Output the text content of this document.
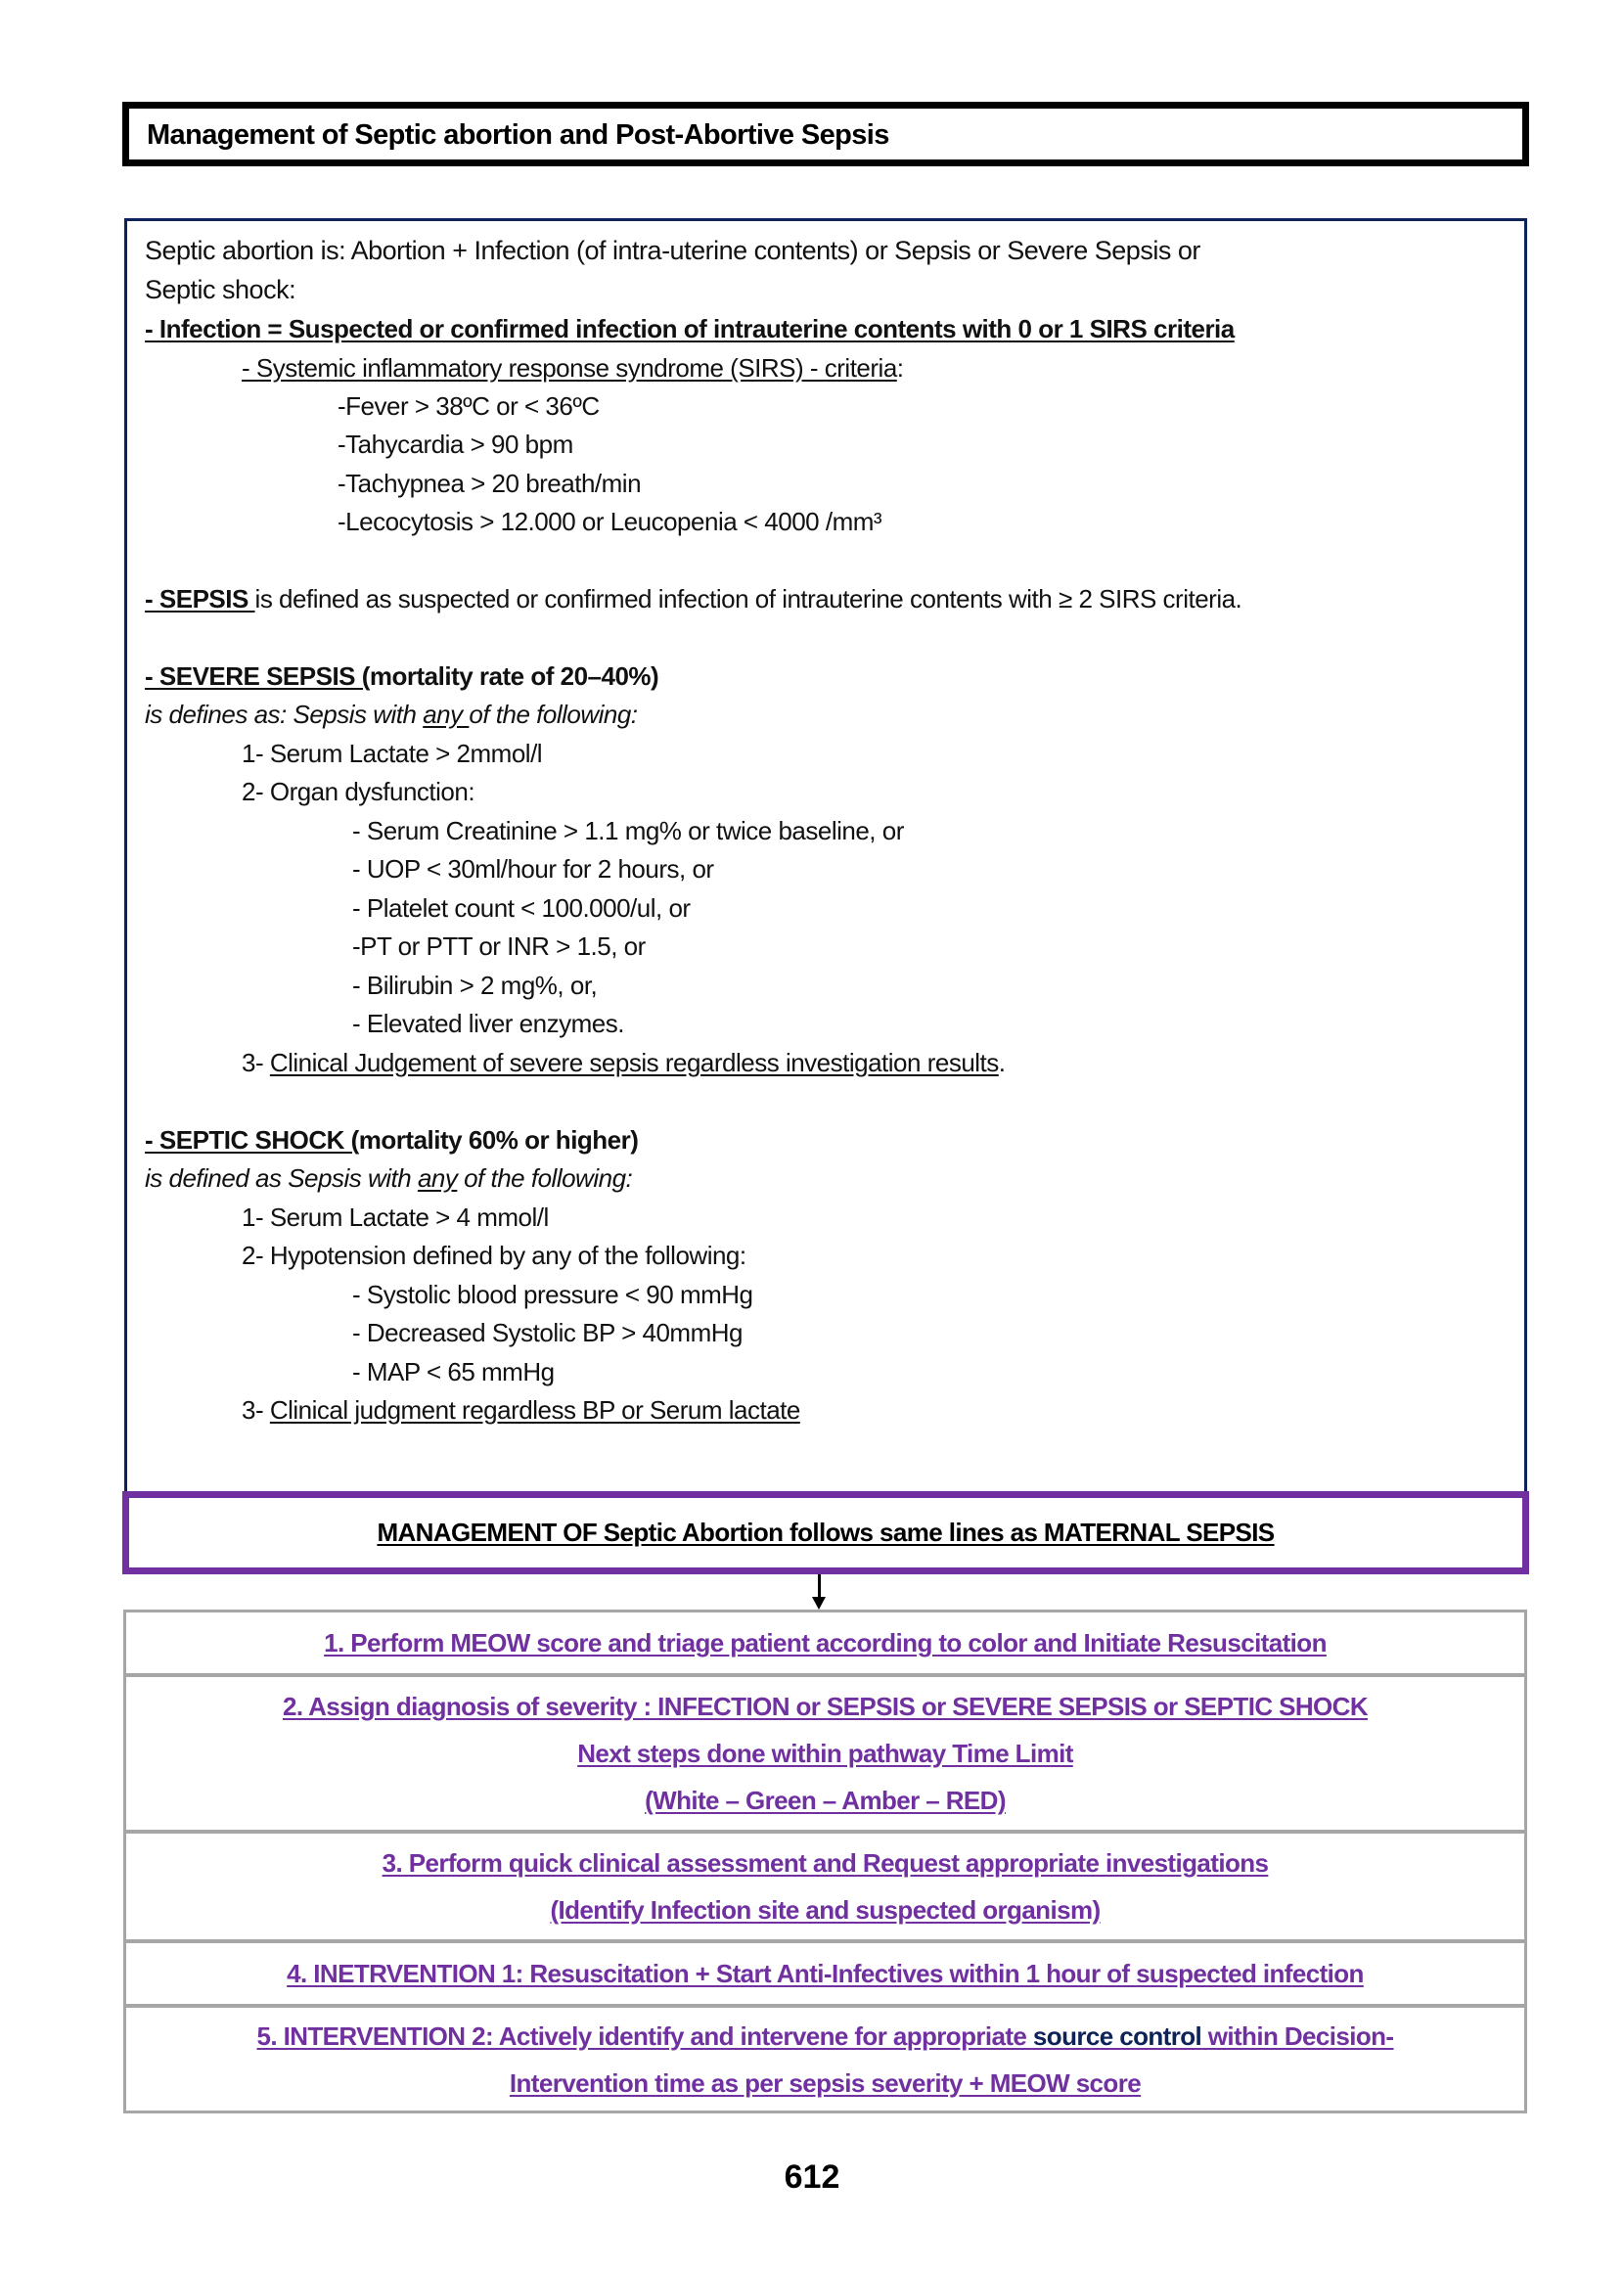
Management of Septic abortion and Post-Abortive Sepsis
Septic abortion is: Abortion + Infection (of intra-uterine contents) or Sepsis or Severe Sepsis or
Septic shock:
- Infection = Suspected or confirmed infection of intrauterine contents with 0 or 1 SIRS criteria
- Systemic inflammatory response syndrome (SIRS) - criteria:
-Fever > 38ºC or < 36ºC
-Tahycardia > 90 bpm
-Tachypnea > 20 breath/min
-Lecocytosis > 12.000 or Leucopenia < 4000 /mm³
- SEPSIS is defined as suspected or confirmed infection of intrauterine contents with ≥ 2 SIRS criteria.
- SEVERE SEPSIS (mortality rate of 20–40%)
is defines as: Sepsis with any of the following:
1- Serum Lactate > 2mmol/l
2- Organ dysfunction:
- Serum Creatinine > 1.1 mg% or twice baseline, or
- UOP < 30ml/hour for 2 hours, or
- Platelet count < 100.000/ul, or
-PT or PTT or INR > 1.5, or
- Bilirubin > 2 mg%, or,
- Elevated liver enzymes.
3- Clinical Judgement of severe sepsis regardless investigation results.
- SEPTIC SHOCK (mortality 60% or higher)
is defined as Sepsis with any of the following:
1- Serum Lactate > 4 mmol/l
2- Hypotension defined by any of the following:
- Systolic blood pressure < 90 mmHg
- Decreased Systolic BP > 40mmHg
- MAP < 65 mmHg
3- Clinical judgment regardless BP or Serum lactate
MANAGEMENT OF Septic Abortion follows same lines as MATERNAL SEPSIS
1. Perform MEOW score and triage patient according to color and Initiate Resuscitation
2. Assign diagnosis of severity : INFECTION or SEPSIS or SEVERE SEPSIS or SEPTIC SHOCK
Next steps done within pathway Time Limit
(White – Green – Amber – RED)
3. Perform quick clinical assessment and Request appropriate investigations
(Identify Infection site and suspected organism)
4. INETRVENTION 1: Resuscitation + Start Anti-Infectives within 1 hour of suspected infection
5. INTERVENTION 2: Actively identify and intervene for appropriate source control within Decision-
Intervention time as per sepsis severity + MEOW score
612
